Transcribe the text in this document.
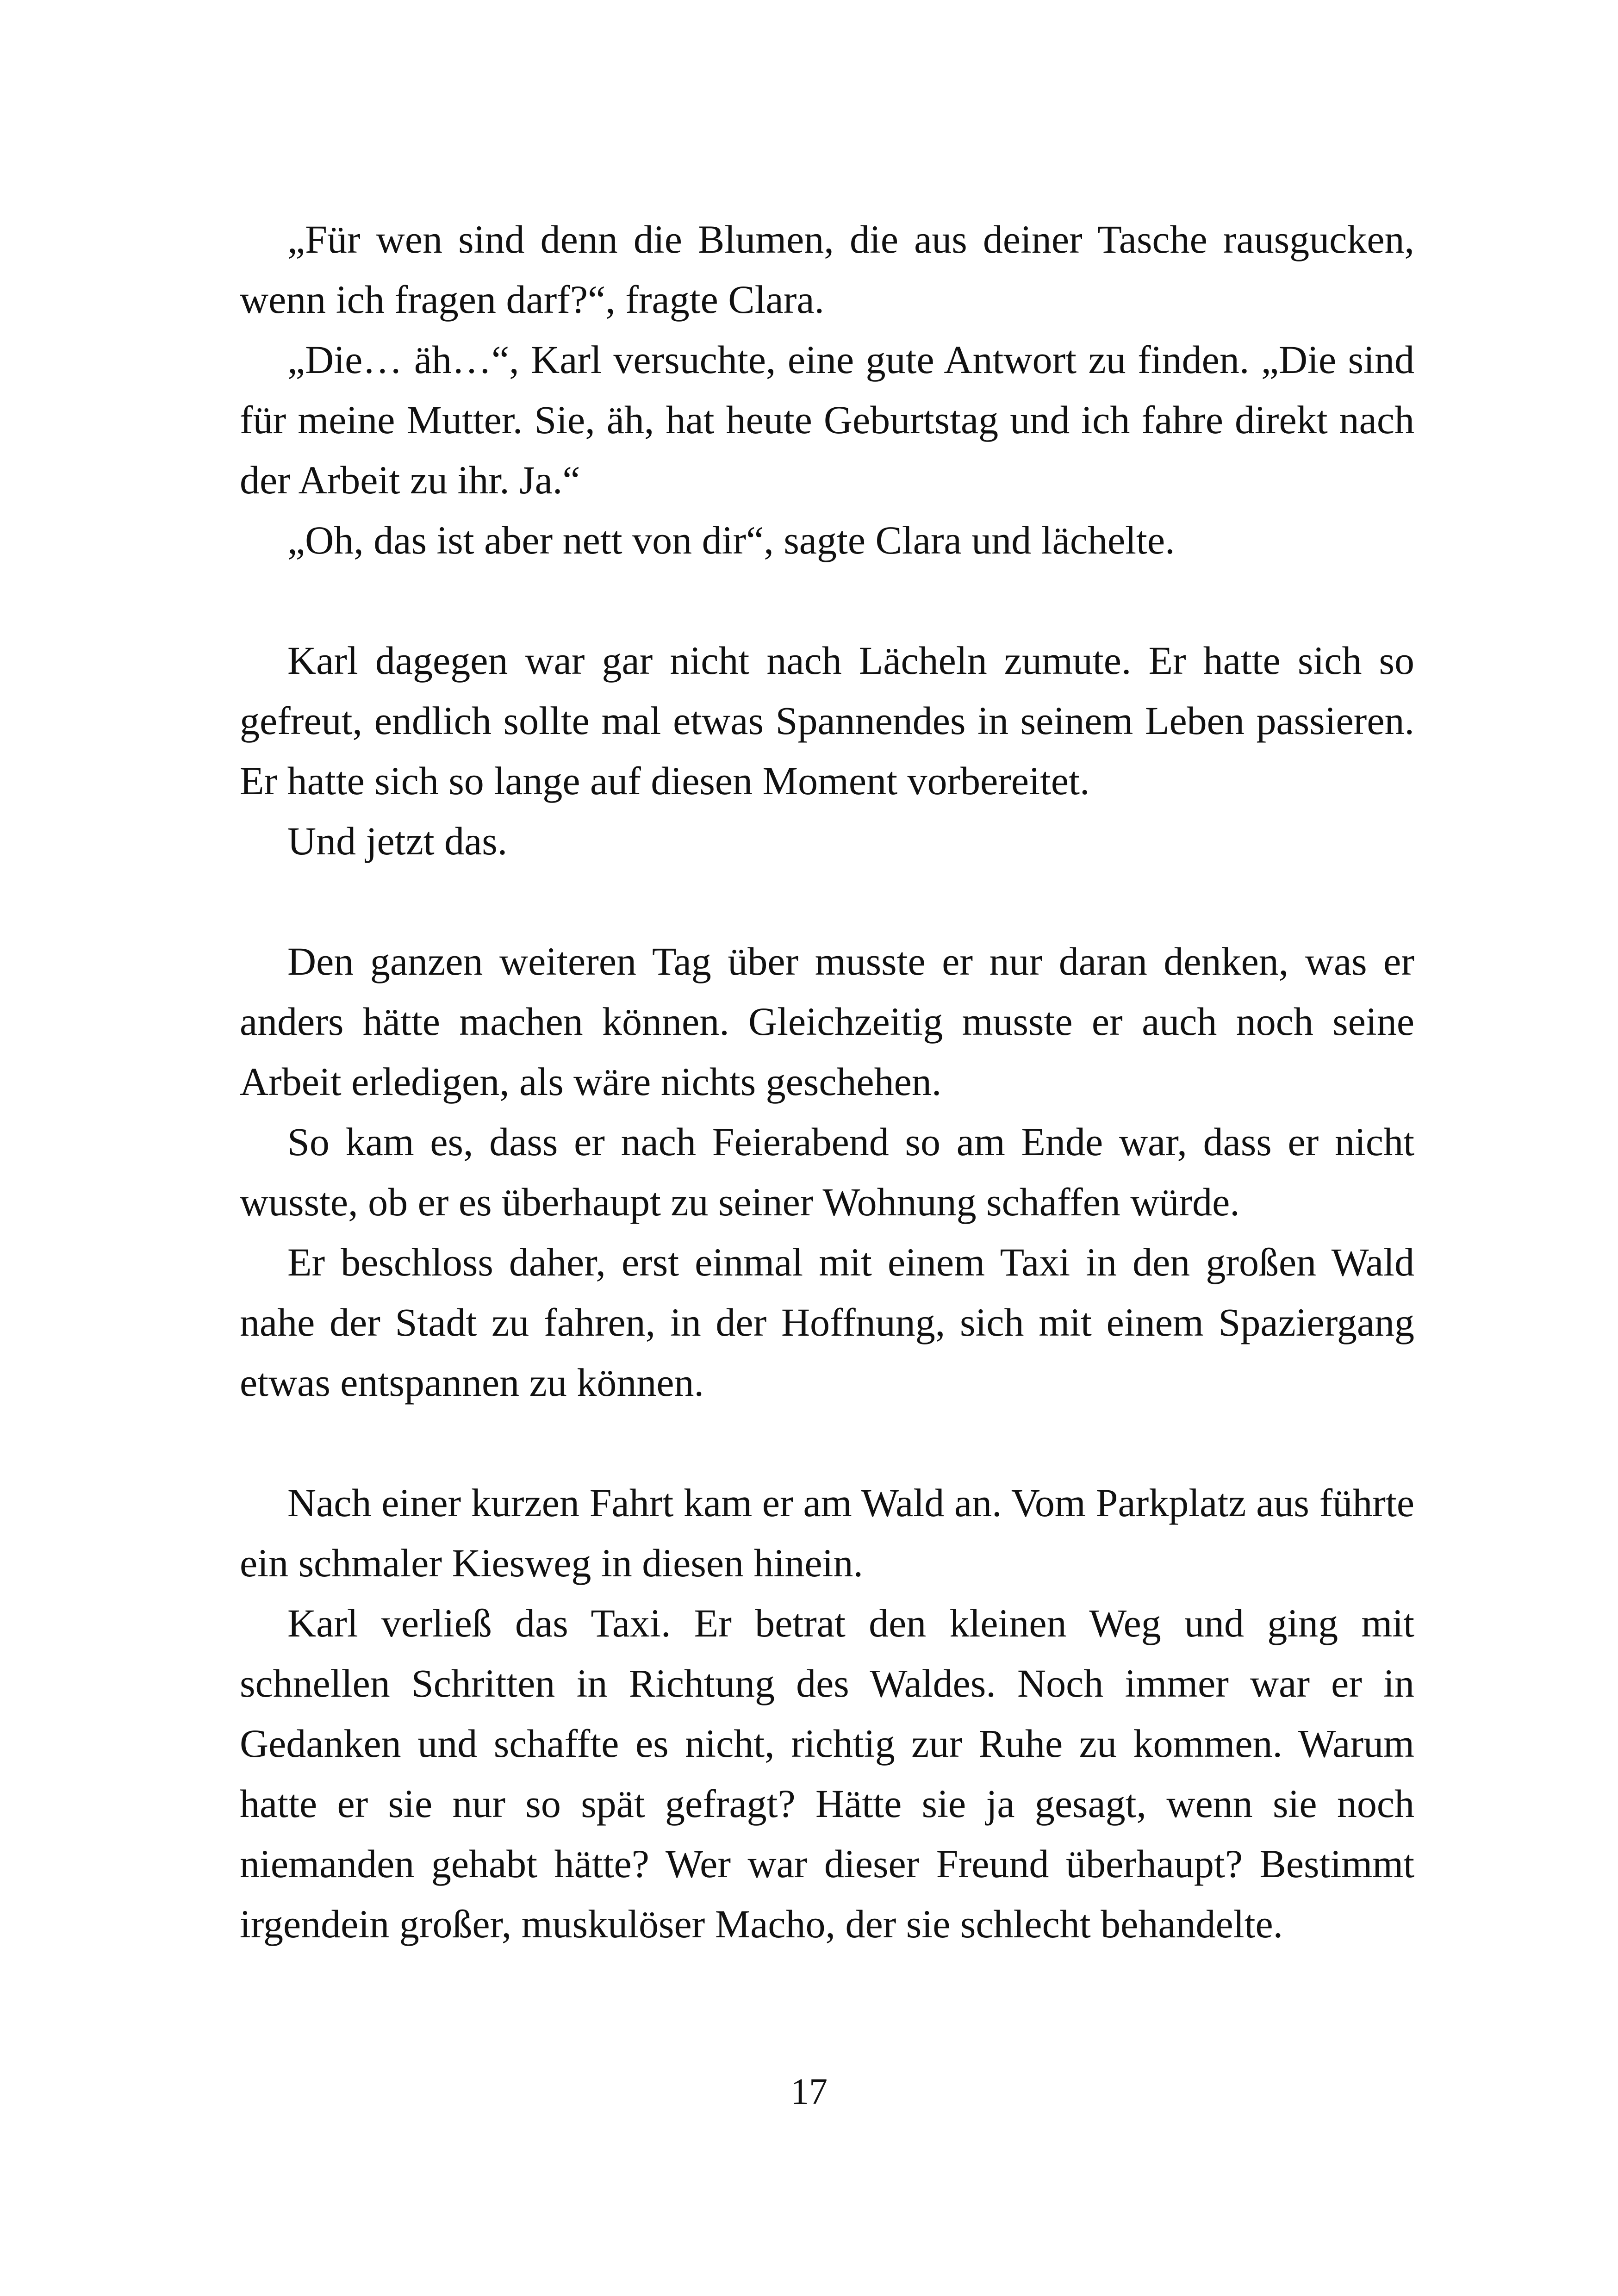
„Für wen sind denn die Blumen, die aus deiner Tasche rausgucken, wenn ich fragen darf?“, fragte Clara.

„Die… äh…“, Karl versuchte, eine gute Antwort zu finden. „Die sind für meine Mutter. Sie, äh, hat heute Geburtstag und ich fahre direkt nach der Arbeit zu ihr. Ja.“

„Oh, das ist aber nett von dir“, sagte Clara und lächelte.

Karl dagegen war gar nicht nach Lächeln zumute. Er hatte sich so gefreut, endlich sollte mal etwas Spannendes in seinem Leben passieren. Er hatte sich so lange auf diesen Moment vorbereitet.

Und jetzt das.

Den ganzen weiteren Tag über musste er nur daran denken, was er anders hätte machen können. Gleichzeitig musste er auch noch seine Arbeit erledigen, als wäre nichts geschehen.

So kam es, dass er nach Feierabend so am Ende war, dass er nicht wusste, ob er es überhaupt zu seiner Wohnung schaffen würde.

Er beschloss daher, erst einmal mit einem Taxi in den großen Wald nahe der Stadt zu fahren, in der Hoffnung, sich mit einem Spaziergang etwas entspannen zu können.

Nach einer kurzen Fahrt kam er am Wald an. Vom Parkplatz aus führte ein schmaler Kiesweg in diesen hinein.

Karl verließ das Taxi. Er betrat den kleinen Weg und ging mit schnellen Schritten in Richtung des Waldes. Noch immer war er in Gedanken und schaffte es nicht, richtig zur Ruhe zu kommen. Warum hatte er sie nur so spät gefragt? Hätte sie ja gesagt, wenn sie noch niemanden gehabt hätte? Wer war dieser Freund überhaupt? Bestimmt irgendein großer, muskulöser Macho, der sie schlecht behandelte.

17
